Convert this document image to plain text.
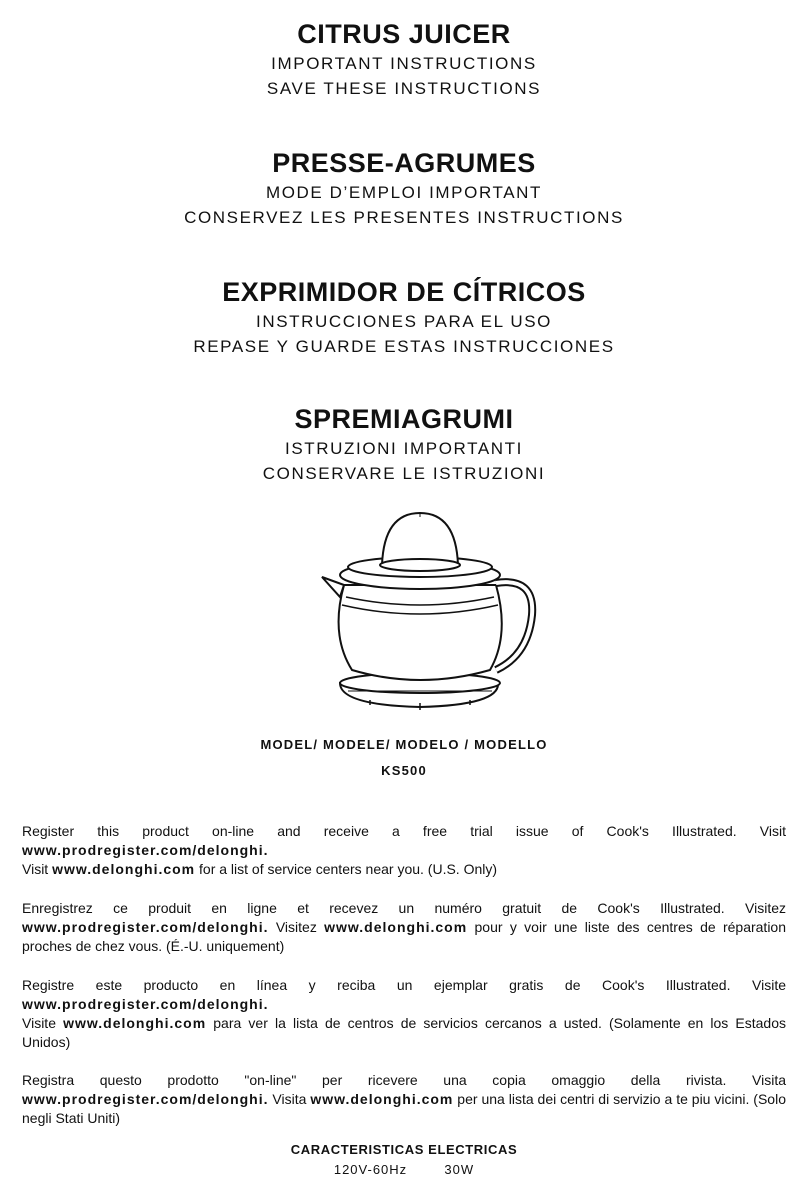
CITRUS JUICER
IMPORTANT INSTRUCTIONS
SAVE THESE INSTRUCTIONS
PRESSE-AGRUMES
MODE D’EMPLOI IMPORTANT
CONSERVEZ LES PRESENTES INSTRUCTIONS
EXPRIMIDOR DE CÍTRICOS
INSTRUCCIONES PARA EL USO
REPASE Y GUARDE ESTAS INSTRUCCIONES
SPREMIAGRUMI
ISTRUZIONI IMPORTANTI
CONSERVARE LE ISTRUZIONI
MODEL/ MODELE/ MODELO / MODELLO
KS500
Register this product on-line and receive a free trial issue of Cook's Illustrated. Visit www.prodregister.com/delonghi.
Visit www.delonghi.com for a list of service centers near you. (U.S. Only)
Enregistrez ce produit en ligne et recevez un numéro gratuit de Cook's Illustrated. Visitez www.prodregister.com/delonghi. Visitez www.delonghi.com pour y voir une liste des centres de réparation proches de chez vous. (É.-U. uniquement)
Registre este producto en línea y reciba un ejemplar gratis de Cook's Illustrated. Visite www.prodregister.com/delonghi.
Visite www.delonghi.com para ver la lista de centros de servicios cercanos a usted. (Solamente en los Estados Unidos)
Registra questo prodotto "on-line" per ricevere una copia omaggio della rivista. Visita www.prodregister.com/delonghi. Visita www.delonghi.com per una lista dei centri di servizio a te piu vicini. (Solo negli Stati Uniti)
CARACTERISTICAS ELECTRICAS
120V-60Hz	30W
